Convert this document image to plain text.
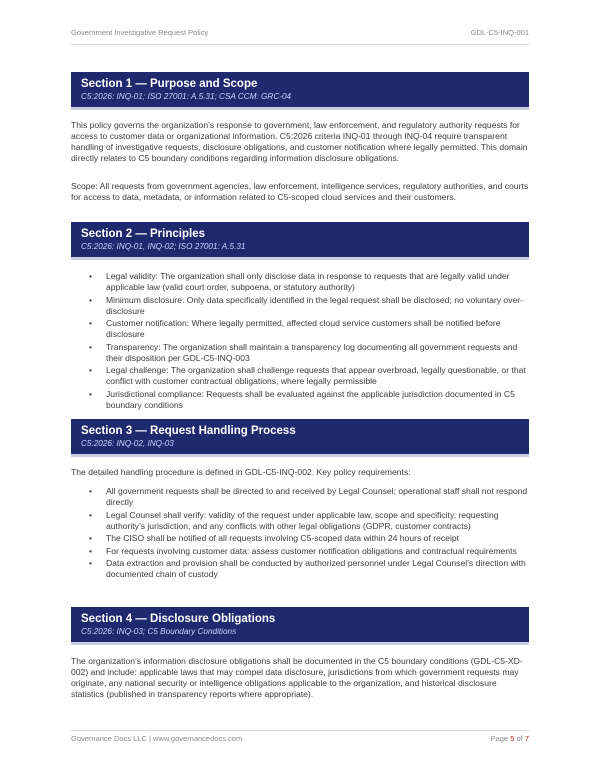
Government Investigative Request Policy	GDL-C5-INQ-001
Section 1 — Purpose and Scope
C5:2026: INQ-01; ISO 27001: A.5.31; CSA CCM: GRC-04

This policy governs the organization’s response to government, law enforcement, and regulatory authority requests for access to customer data or organizational information. C5:2026 criteria INQ-01 through INQ-04 require transparent handling of investigative requests, disclosure obligations, and customer notification where legally permitted. This domain directly relates to C5 boundary conditions regarding information disclosure obligations.

Scope: All requests from government agencies, law enforcement, intelligence services, regulatory authorities, and courts for access to data, metadata, or information related to C5-scoped cloud services and their customers.

Section 2 — Principles
C5:2026: INQ-01, INQ-02; ISO 27001: A.5.31
• Legal validity: The organization shall only disclose data in response to requests that are legally valid under applicable law (valid court order, subpoena, or statutory authority)
• Minimum disclosure: Only data specifically identified in the legal request shall be disclosed; no voluntary over-disclosure
• Customer notification: Where legally permitted, affected cloud service customers shall be notified before disclosure
• Transparency: The organization shall maintain a transparency log documenting all government requests and their disposition per GDL-C5-INQ-003
• Legal challenge: The organization shall challenge requests that appear overbroad, legally questionable, or that conflict with customer contractual obligations, where legally permissible
• Jurisdictional compliance: Requests shall be evaluated against the applicable jurisdiction documented in C5 boundary conditions
Section 3 — Request Handling Process
C5:2026: INQ-02, INQ-03

The detailed handling procedure is defined in GDL-C5-INQ-002. Key policy requirements:

• All government requests shall be directed to and received by Legal Counsel; operational staff shall not respond directly
• Legal Counsel shall verify: validity of the request under applicable law, scope and specificity, requesting authority’s jurisdiction, and any conflicts with other legal obligations (GDPR, customer contracts)
• The CISO shall be notified of all requests involving C5-scoped data within 24 hours of receipt
• For requests involving customer data: assess customer notification obligations and contractual requirements
• Data extraction and provision shall be conducted by authorized personnel under Legal Counsel’s direction with documented chain of custody
Section 4 — Disclosure Obligations
C5:2026: INQ-03; C5 Boundary Conditions

The organization’s information disclosure obligations shall be documented in the C5 boundary conditions (GDL-C5-XD-002) and include: applicable laws that may compel data disclosure, jurisdictions from which government requests may originate, any national security or intelligence obligations applicable to the organization, and historical disclosure statistics (published in transparency reports where appropriate).

Governance Docs LLC | www.governancedocs.com	Page 5 of 7
